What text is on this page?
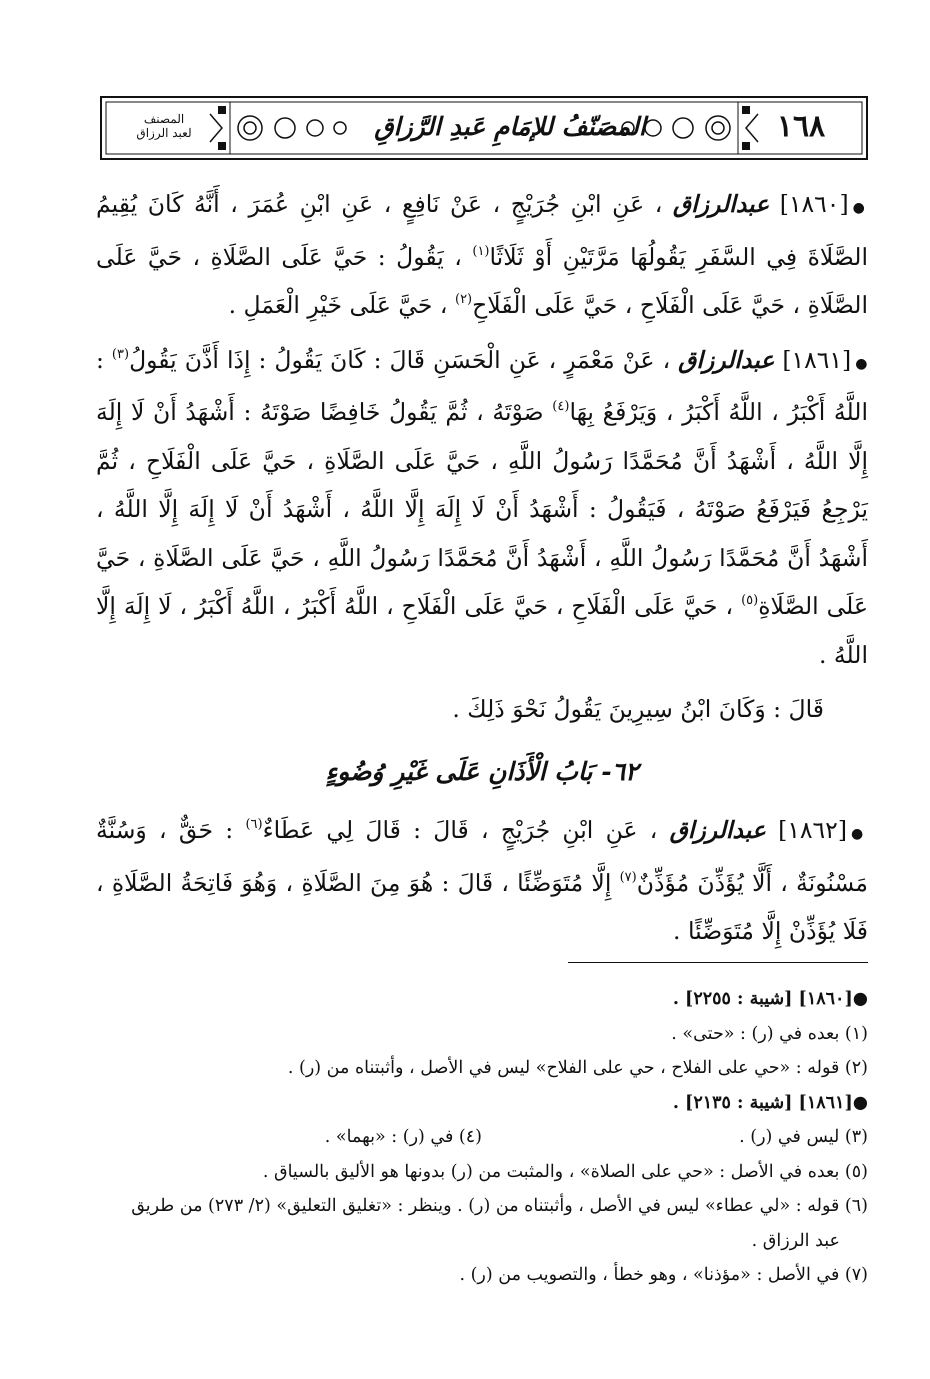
١٦٨
المصَنّفُ للإمَامِ عَبدِ الرَّزاقِ
المصنف
لعبد الرزاق

●[١٨٦٠] عبدالرزاق ، عَنِ ابْنِ جُرَيْجٍ ، عَنْ نَافِعٍ ، عَنِ ابْنِ عُمَرَ ، أَنَّهُ كَانَ يُقِيمُ الصَّلَاةَ فِي السَّفَرِ يَقُولُهَا مَرَّتَيْنِ أَوْ ثَلَاثًا$^{(١)}$ ، يَقُولُ : حَيَّ عَلَى الصَّلَاةِ ، حَيَّ عَلَى الصَّلَاةِ ، حَيَّ عَلَى الْفَلَاحِ ، حَيَّ عَلَى الْفَلَاحِ$^{(٢)}$ ، حَيَّ عَلَى خَيْرِ الْعَمَلِ .

●[١٨٦١] عبدالرزاق ، عَنْ مَعْمَرٍ ، عَنِ الْحَسَنِ قَالَ : كَانَ يَقُولُ : إِذَا أَذَّنَ يَقُولُ$^{(٣)}$ : اللَّهُ أَكْبَرُ ، اللَّهُ أَكْبَرُ ، وَيَرْفَعُ بِهَا$^{(٤)}$ صَوْتَهُ ، ثُمَّ يَقُولُ خَافِضًا صَوْتَهُ : أَشْهَدُ أَنْ لَا إِلَهَ إِلَّا اللَّهُ ، أَشْهَدُ أَنَّ مُحَمَّدًا رَسُولُ اللَّهِ ، حَيَّ عَلَى الصَّلَاةِ ، حَيَّ عَلَى الْفَلَاحِ ، ثُمَّ يَرْجِعُ فَيَرْفَعُ صَوْتَهُ ، فَيَقُولُ : أَشْهَدُ أَنْ لَا إِلَهَ إِلَّا اللَّهُ ، أَشْهَدُ أَنْ لَا إِلَهَ إِلَّا اللَّهُ ، أَشْهَدُ أَنَّ مُحَمَّدًا رَسُولُ اللَّهِ ، أَشْهَدُ أَنَّ مُحَمَّدًا رَسُولُ اللَّهِ ، حَيَّ عَلَى الصَّلَاةِ ، حَيَّ عَلَى الصَّلَاةِ$^{(٥)}$ ، حَيَّ عَلَى الْفَلَاحِ ، حَيَّ عَلَى الْفَلَاحِ ، اللَّهُ أَكْبَرُ ، اللَّهُ أَكْبَرُ ، لَا إِلَهَ إِلَّا اللَّهُ .

قَالَ : وَكَانَ ابْنُ سِيرِينَ يَقُولُ نَحْوَ ذَلِكَ .

٦٢- بَابُ الْأَذَانِ عَلَى غَيْرِ وُضُوءٍ

●[١٨٦٢] عبدالرزاق ، عَنِ ابْنِ جُرَيْجٍ ، قَالَ : قَالَ لِي عَطَاءٌ$^{(٦)}$ : حَقٌّ ، وَسُنَّةٌ مَسْنُونَةٌ ، أَلَّا يُؤَذِّنَ مُؤَذِّنٌ$^{(٧)}$ إِلَّا مُتَوَضِّئًا ، قَالَ : هُوَ مِنَ الصَّلَاةِ ، وَهُوَ فَاتِحَةُ الصَّلَاةِ ، فَلَا يُؤَذِّنْ إِلَّا مُتَوَضِّئًا .

●[١٨٦٠] [شيبة : ٢٢٥٥] .

(١) بعده في (ر) : «حتى» .

(٢) قوله : «حي على الفلاح ، حي على الفلاح» ليس في الأصل ، وأثبتناه من (ر) .

●[١٨٦١] [شيبة : ٢١٣٥] .

(٣) ليس في (ر) .
(٤) في (ر) : «بهما» .

(٥) بعده في الأصل : «حي على الصلاة» ، والمثبت من (ر) بدونها هو الأليق بالسياق .

(٦) قوله : «لي عطاء» ليس في الأصل ، وأثبتناه من (ر) . وينظر : «تغليق التعليق» (٢/ ٢٧٣) من طريق

عبد الرزاق .

(٧) في الأصل : «مؤذنا» ، وهو خطأ ، والتصويب من (ر) .
